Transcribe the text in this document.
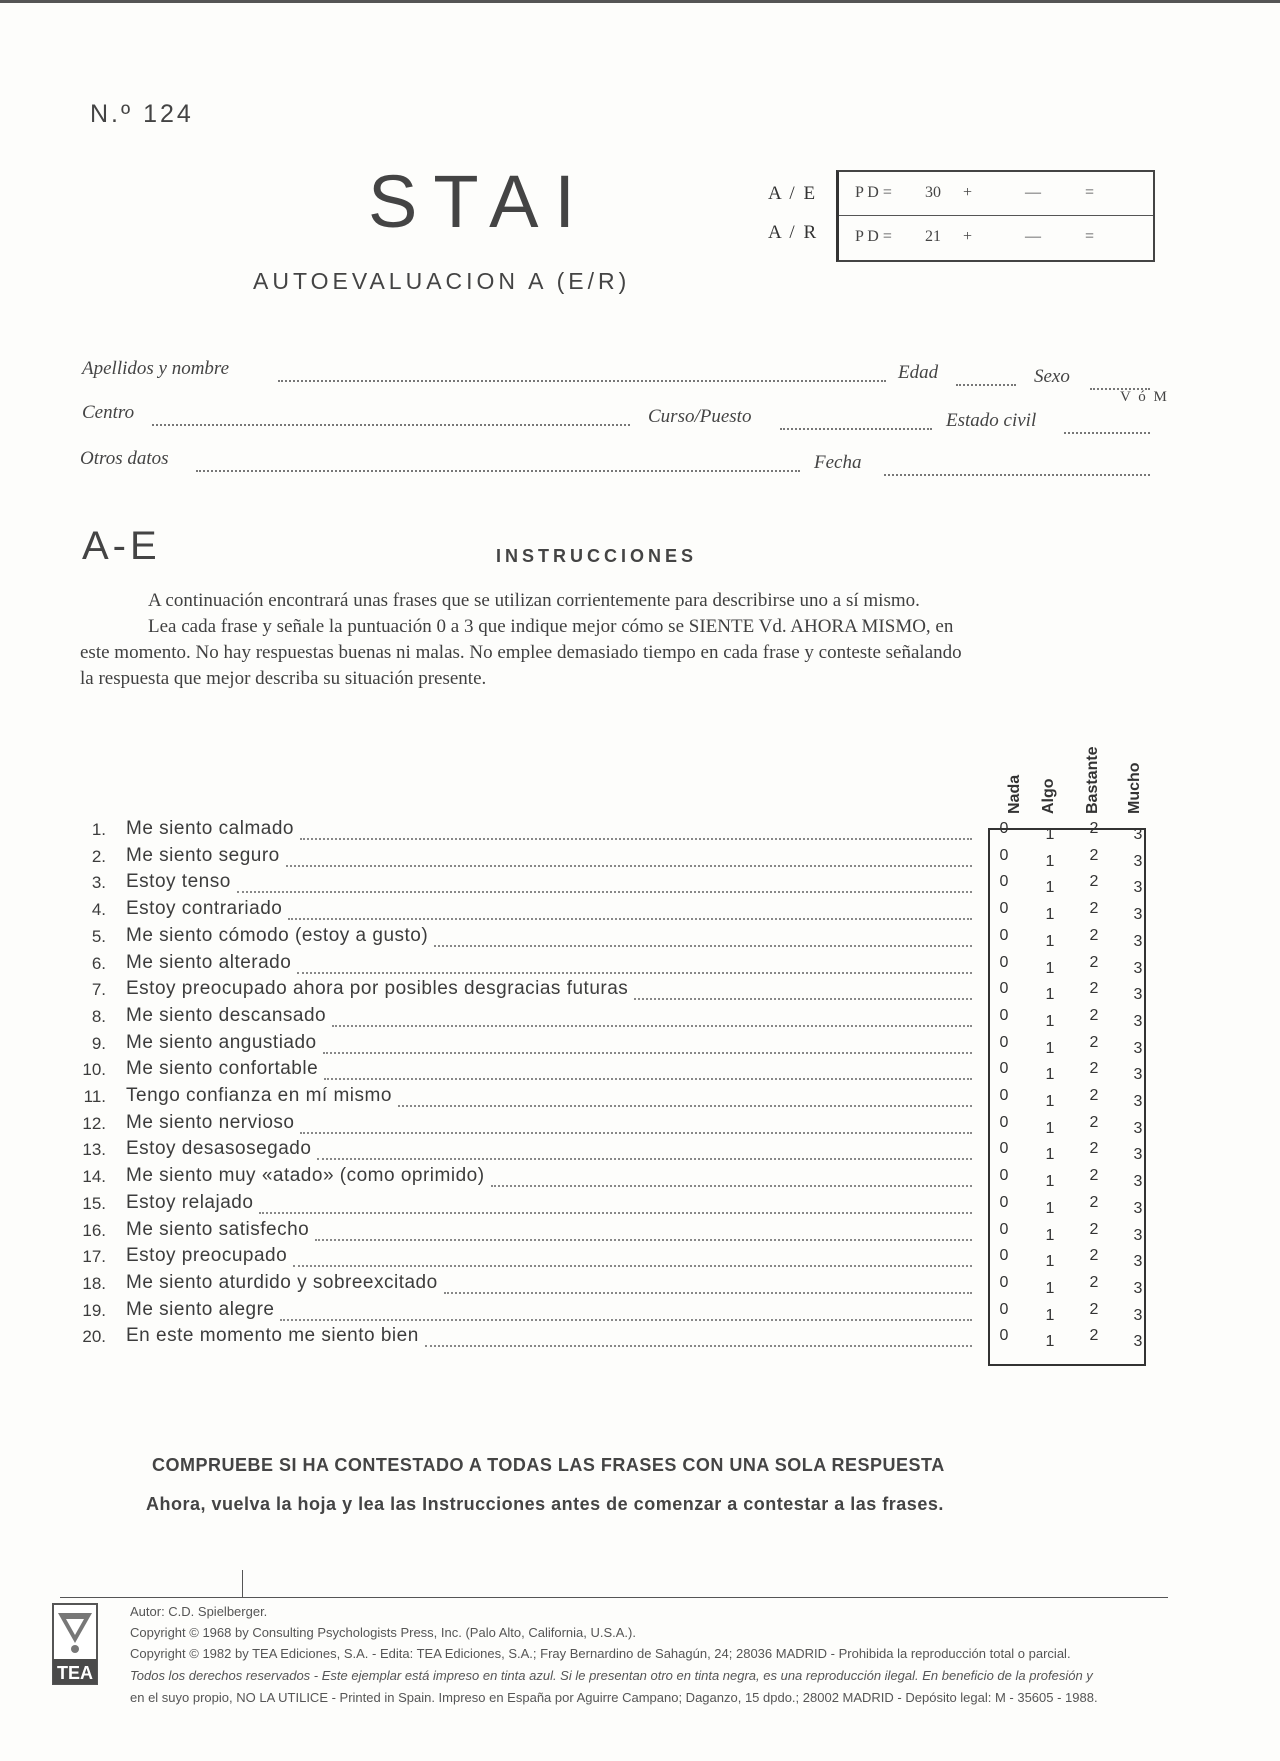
N.º 124
STAI
AUTOEVALUACION A (E/R)
A / E
A / R
P D = 30 +	—	=
P D = 21 +	—	=
Apellidos y nombre	Edad	Sexo
Centro	Curso/Puesto	Estado civil
V ó M
Otros datos	Fecha
A-E	INSTRUCCIONES
A continuación encontrará unas frases que se utilizan corrientemente para describirse uno a sí mismo.
Lea cada frase y señale la puntuación 0 a 3 que indique mejor cómo se SIENTE Vd. AHORA MISMO, en
este momento. No hay respuestas buenas ni malas. No emplee demasiado tiempo en cada frase y conteste señalando
la respuesta que mejor describa su situación presente.
Nada Algo Bastante Mucho
1. Me siento calmado	0	1	2	3
2. Me siento seguro	0	1	2	3
3. Estoy tenso	0	1	2	3
4. Estoy contrariado	0	1	2	3
5. Me siento cómodo (estoy a gusto)	0	1	2	3
6. Me siento alterado	0	1	2	3
7. Estoy preocupado ahora por posibles desgracias futuras	0	1	2	3
8. Me siento descansado	0	1	2	3
9. Me siento angustiado	0	1	2	3
10. Me siento confortable	0	1	2	3
11. Tengo confianza en mí mismo	0	1	2	3
12. Me siento nervioso	0	1	2	3
13. Estoy desasosegado	0	1	2	3
14. Me siento muy «atado» (como oprimido)	0	1	2	3
15. Estoy relajado	0	1	2	3
16. Me siento satisfecho	0	1	2	3
17. Estoy preocupado	0	1	2	3
18. Me siento aturdido y sobreexcitado	0	1	2	3
19. Me siento alegre	0	1	2	3
20. En este momento me siento bien	0	1	2	3
COMPRUEBE SI HA CONTESTADO A TODAS LAS FRASES CON UNA SOLA RESPUESTA
Ahora, vuelva la hoja y lea las Instrucciones antes de comenzar a contestar a las frases.
TEA
Autor: C.D. Spielberger.
Copyright © 1968 by Consulting Psychologists Press, Inc. (Palo Alto, California, U.S.A.).
Copyright © 1982 by TEA Ediciones, S.A. - Edita: TEA Ediciones, S.A.; Fray Bernardino de Sahagún, 24; 28036 MADRID - Prohibida la reproducción total o parcial.
Todos los derechos reservados - Este ejemplar está impreso en tinta azul. Si le presentan otro en tinta negra, es una reproducción ilegal. En beneficio de la profesión y
en el suyo propio, NO LA UTILICE - Printed in Spain. Impreso en España por Aguirre Campano; Daganzo, 15 dpdo.; 28002 MADRID - Depósito legal: M - 35605 - 1988.
